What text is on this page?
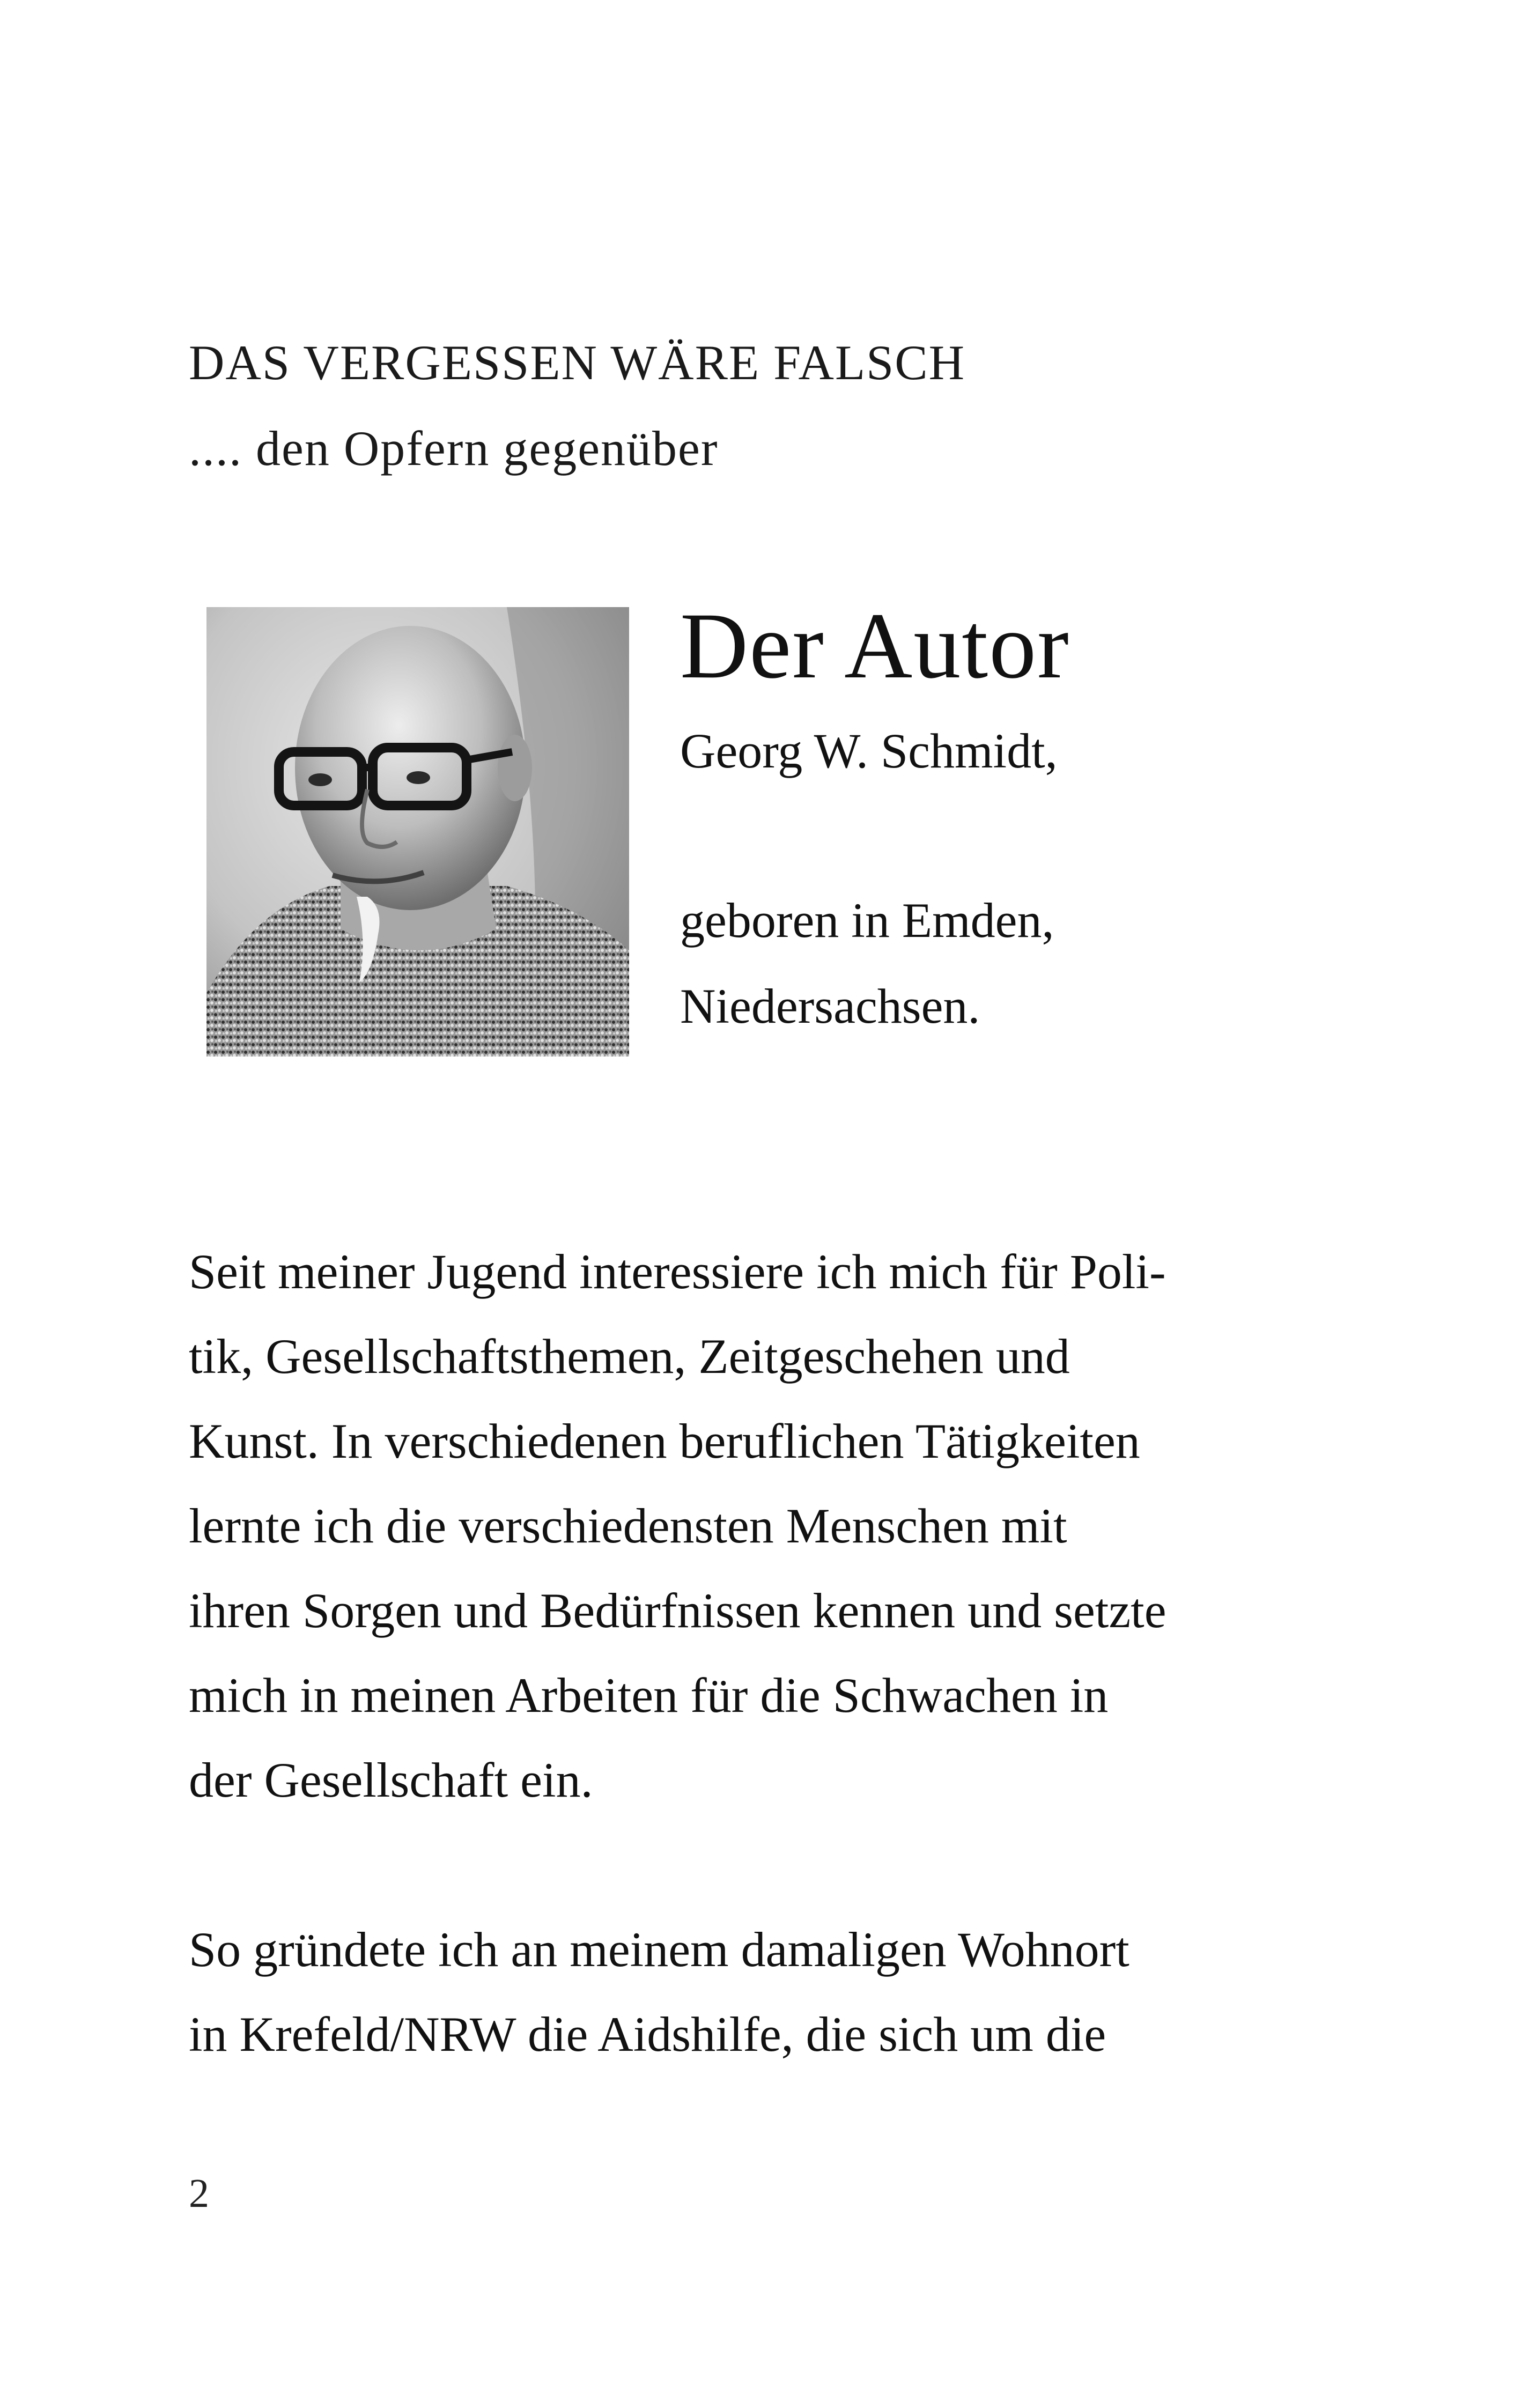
DAS VERGESSEN WÄRE FALSCH
.... den Opfern gegenüber
Der Autor
Georg W. Schmidt,
geboren in Emden,
Niedersachsen.

Seit meiner Jugend interessiere ich mich für Poli-
tik, Gesellschaftsthemen, Zeitgeschehen und
Kunst. In verschiedenen beruflichen Tätigkeiten
lernte ich die verschiedensten Menschen mit
ihren Sorgen und Bedürfnissen kennen und setzte
mich in meinen Arbeiten für die Schwachen in
der Gesellschaft ein.

So gründete ich an meinem damaligen Wohnort
in Krefeld/NRW die Aidshilfe, die sich um die

2
